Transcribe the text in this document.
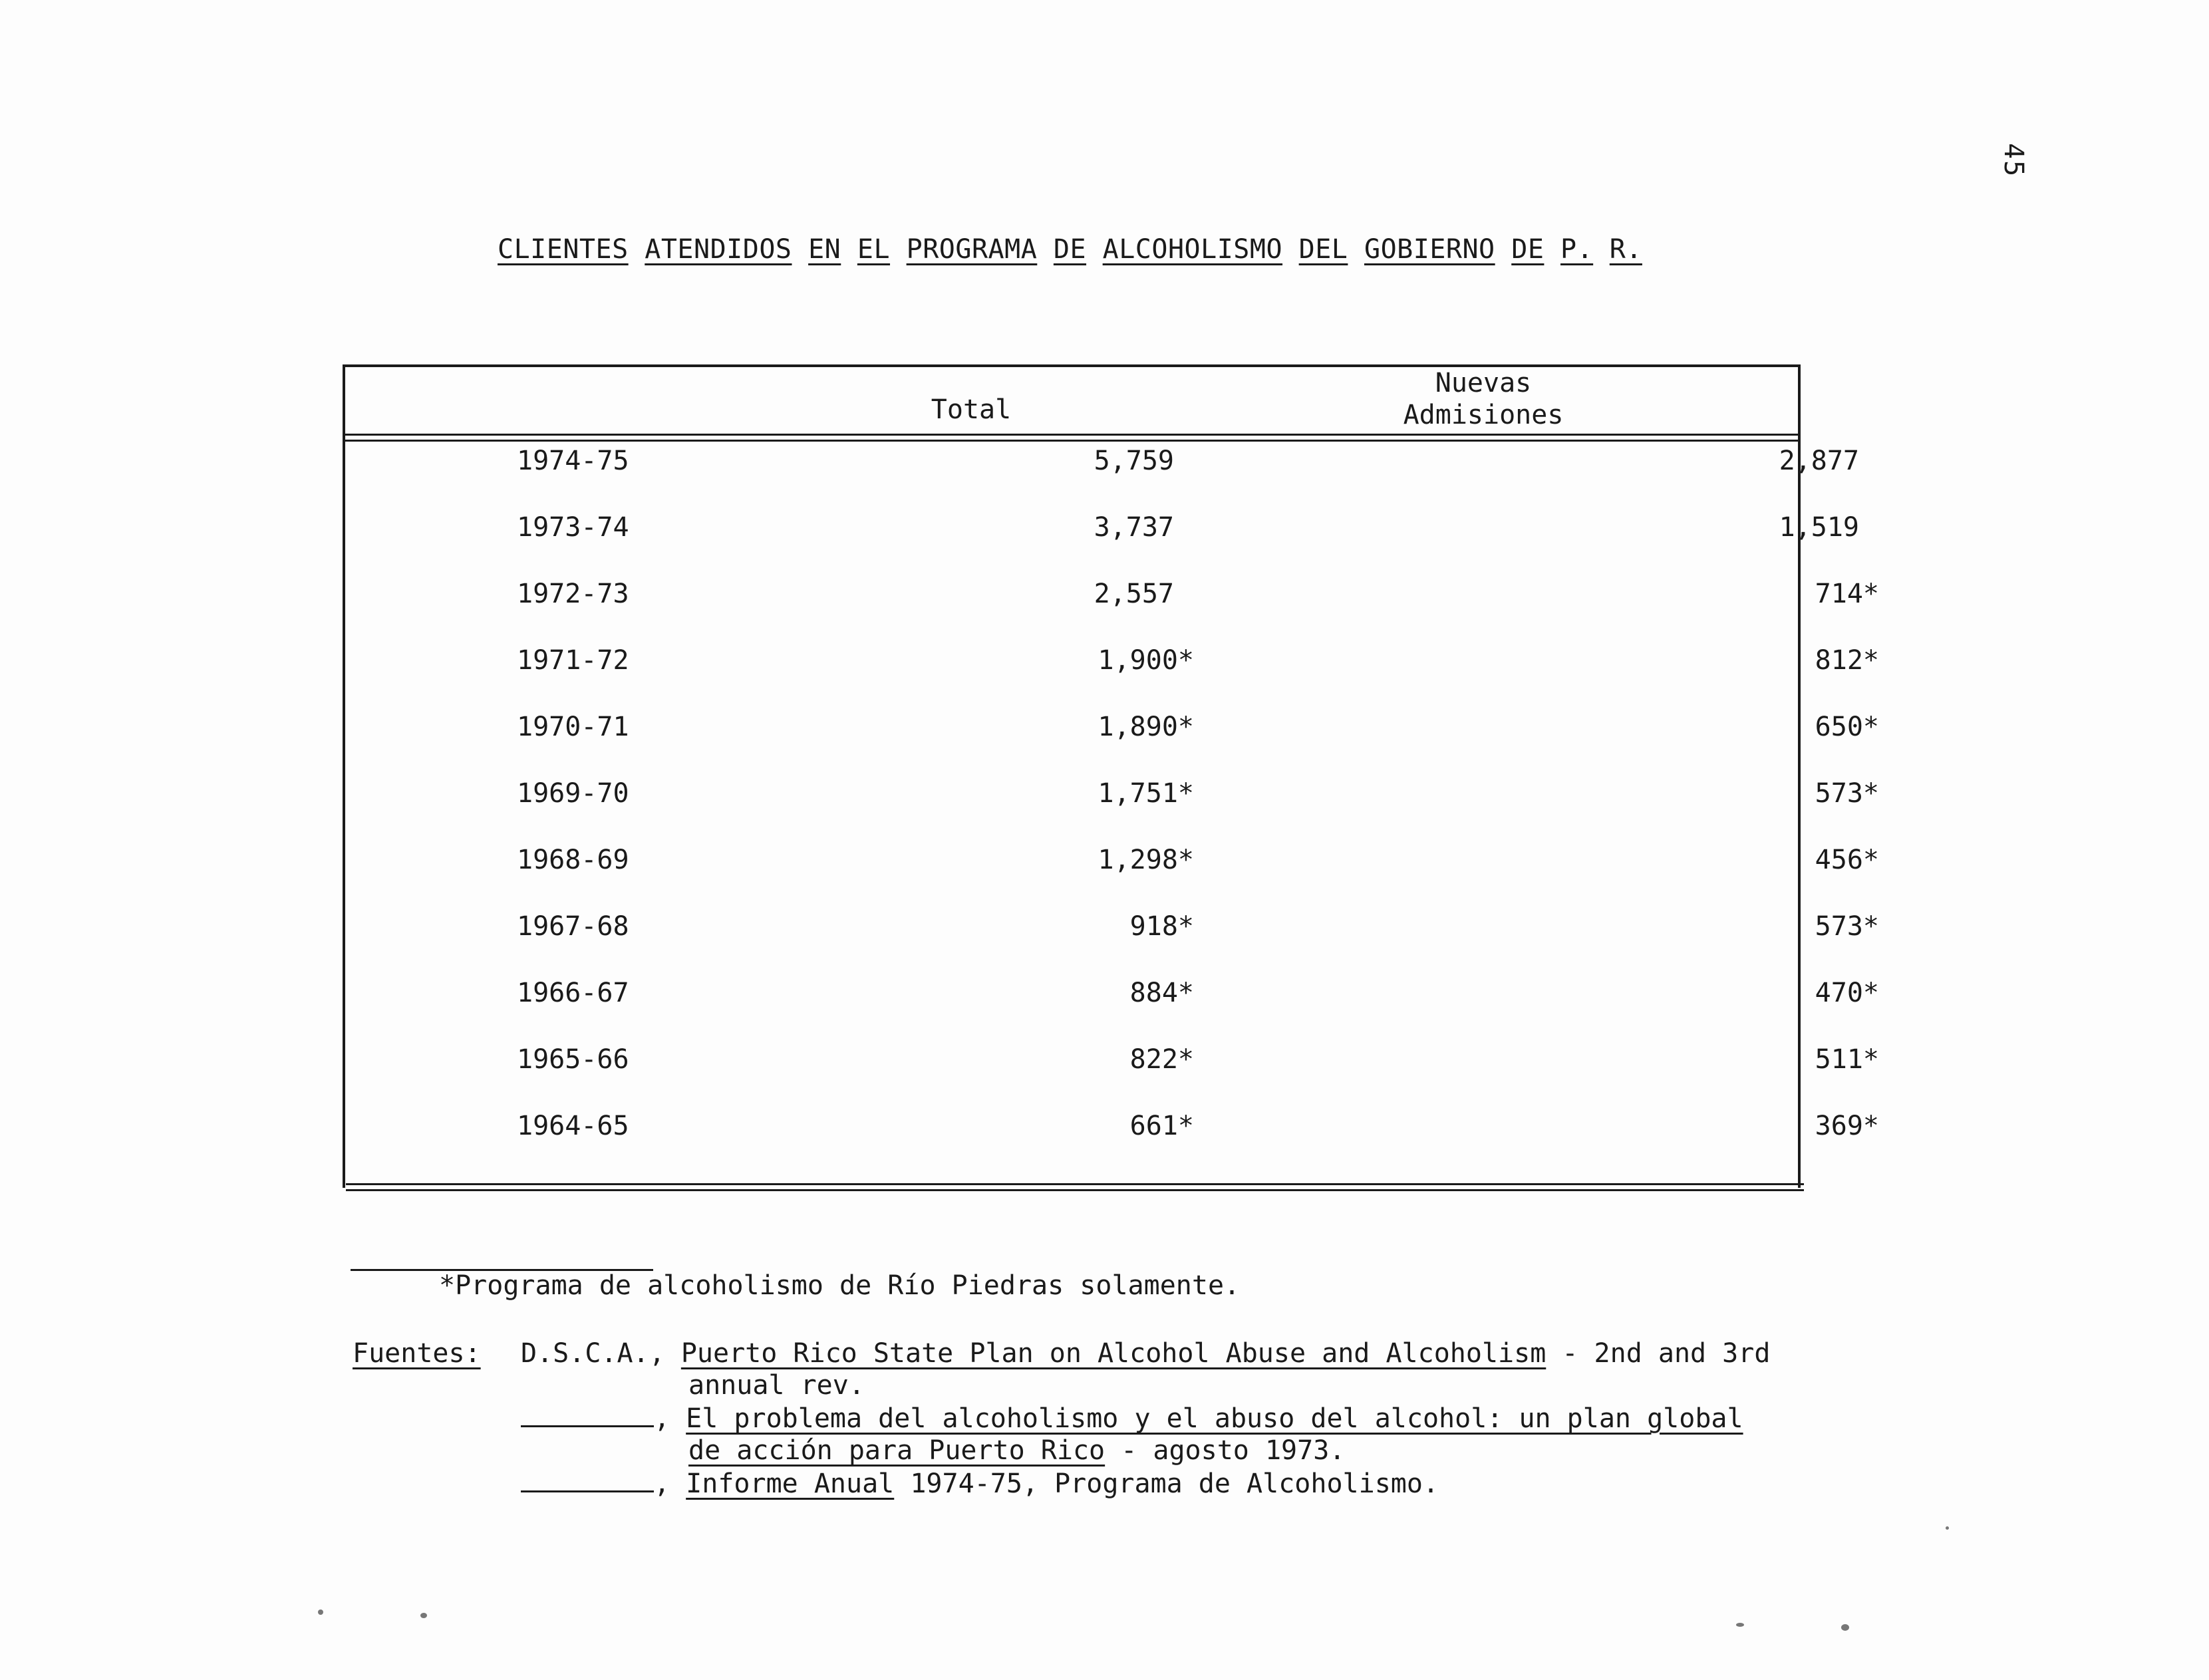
45
CLIENTES ATENDIDOS EN EL PROGRAMA DE ALCOHOLISMO DEL GOBIERNO DE P. R.
Total
Nuevas
Admisiones
1974-75	5,759	2,877
1973-74	3,737	1,519
1972-73	2,557	714*
1971-72	1,900*	812*
1970-71	1,890*	650*
1969-70	1,751*	573*
1968-69	1,298*	456*
1967-68	918*	573*
1966-67	884*	470*
1965-66	822*	511*
1964-65	661*	369*
*Programa de alcoholismo de Río Piedras solamente.
Fuentes: D.S.C.A., Puerto Rico State Plan on Alcohol Abuse and Alcoholism - 2nd and 3rd
annual rev.
, El problema del alcoholismo y el abuso del alcohol: un plan global
de acción para Puerto Rico - agosto 1973.
, Informe Anual 1974-75, Programa de Alcoholismo.
